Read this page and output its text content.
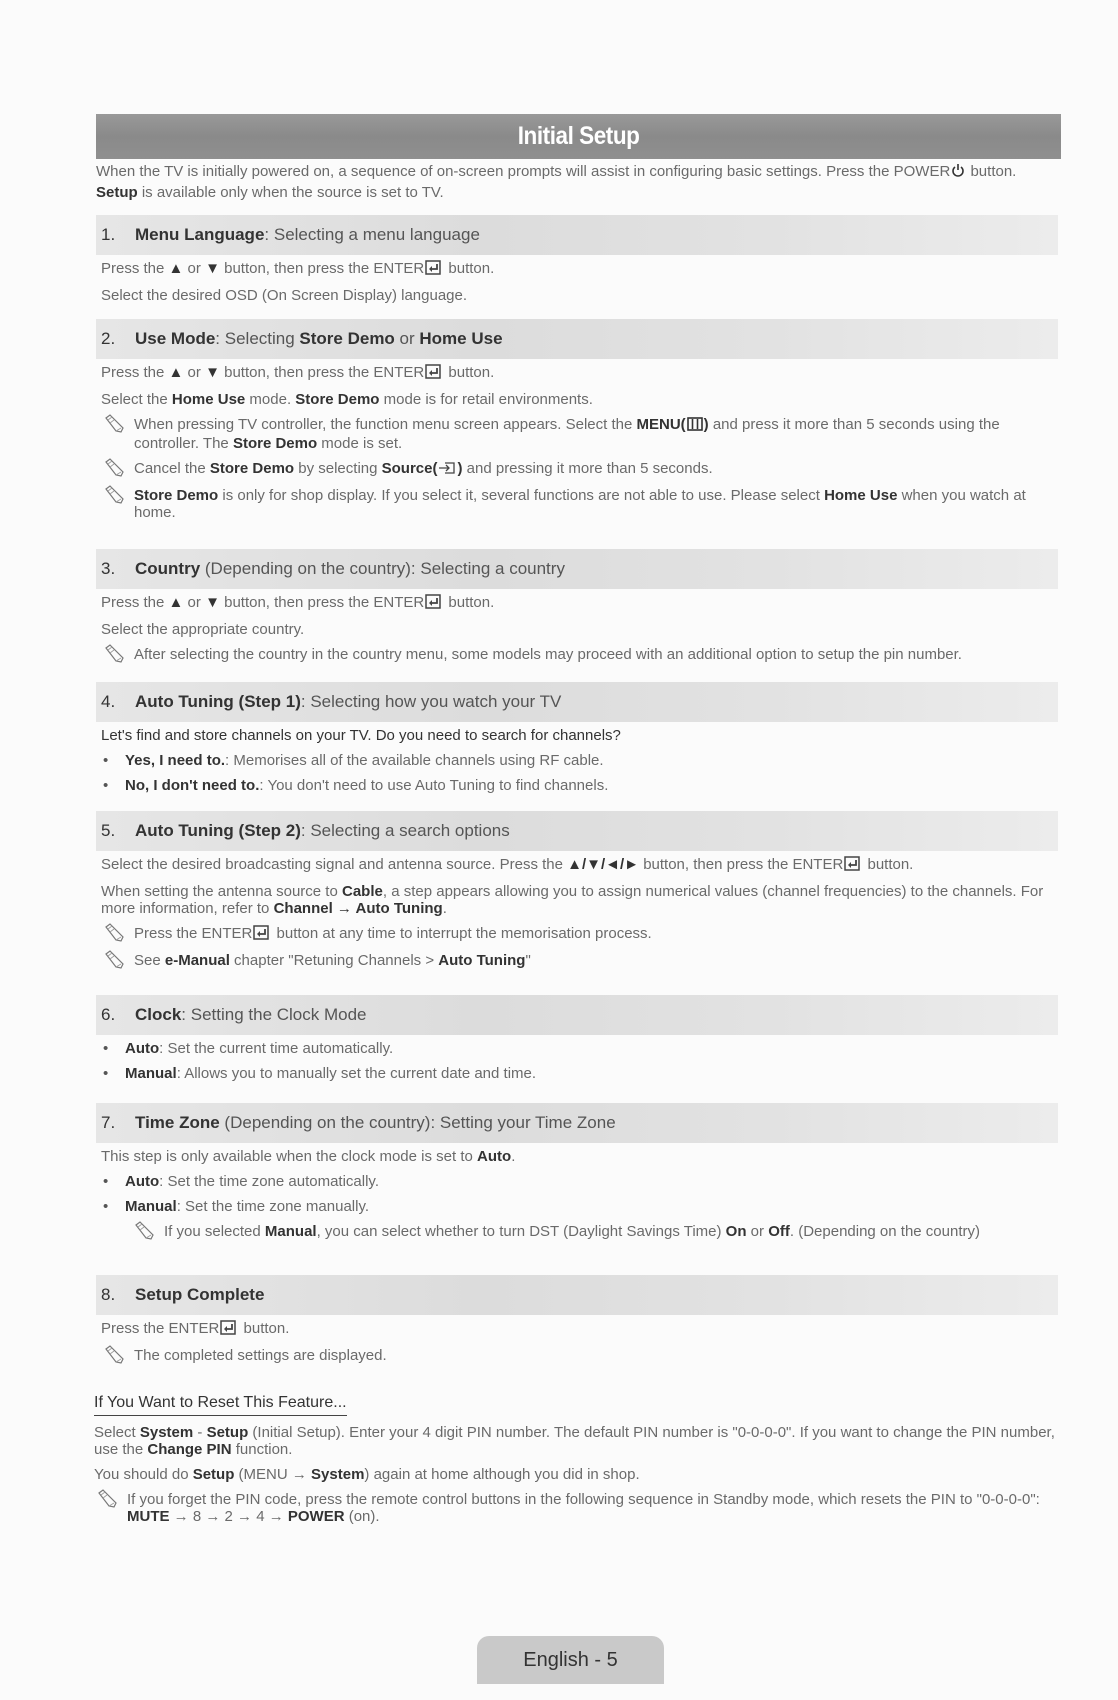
Initial Setup
When the TV is initially powered on, a sequence of on-screen prompts will assist in configuring basic settings. Press the POWER button. Setup is available only when the source is set to TV.
1.	Menu Language: Selecting a menu language
Press the ▲ or ▼ button, then press the ENTER button.
Select the desired OSD (On Screen Display) language.
2.	Use Mode: Selecting Store Demo or Home Use
Press the ▲ or ▼ button, then press the ENTER button.
Select the Home Use mode. Store Demo mode is for retail environments.
When pressing TV controller, the function menu screen appears. Select the MENU( ) and press it more than 5 seconds using the controller. The Store Demo mode is set.
Cancel the Store Demo by selecting Source( ) and pressing it more than 5 seconds.
Store Demo is only for shop display. If you select it, several functions are not able to use. Please select Home Use when you watch at home.
3.	Country (Depending on the country): Selecting a country
Press the ▲ or ▼ button, then press the ENTER button.
Select the appropriate country.
After selecting the country in the country menu, some models may proceed with an additional option to setup the pin number.
4.	Auto Tuning (Step 1): Selecting how you watch your TV
Let's find and store channels on your TV. Do you need to search for channels?
• Yes, I need to.: Memorises all of the available channels using RF cable.
• No, I don't need to.: You don't need to use Auto Tuning to find channels.
5.	Auto Tuning (Step 2): Selecting a search options
Select the desired broadcasting signal and antenna source. Press the ▲/▼/◄/► button, then press the ENTER button.
When setting the antenna source to Cable, a step appears allowing you to assign numerical values (channel frequencies) to the channels. For more information, refer to Channel → Auto Tuning.
Press the ENTER button at any time to interrupt the memorisation process.
See e-Manual chapter "Retuning Channels > Auto Tuning"
6.	Clock: Setting the Clock Mode
• Auto: Set the current time automatically.
• Manual: Allows you to manually set the current date and time.
7.	Time Zone (Depending on the country): Setting your Time Zone
This step is only available when the clock mode is set to Auto.
• Auto: Set the time zone automatically.
• Manual: Set the time zone manually.
If you selected Manual, you can select whether to turn DST (Daylight Savings Time) On or Off. (Depending on the country)
8.	Setup Complete
Press the ENTER button.
The completed settings are displayed.
If You Want to Reset This Feature...
Select System - Setup (Initial Setup). Enter your 4 digit PIN number. The default PIN number is "0-0-0-0". If you want to change the PIN number, use the Change PIN function.
You should do Setup (MENU → System) again at home although you did in shop.
If you forget the PIN code, press the remote control buttons in the following sequence in Standby mode, which resets the PIN to "0-0-0-0": MUTE → 8 → 2 → 4 → POWER (on).
English - 5
